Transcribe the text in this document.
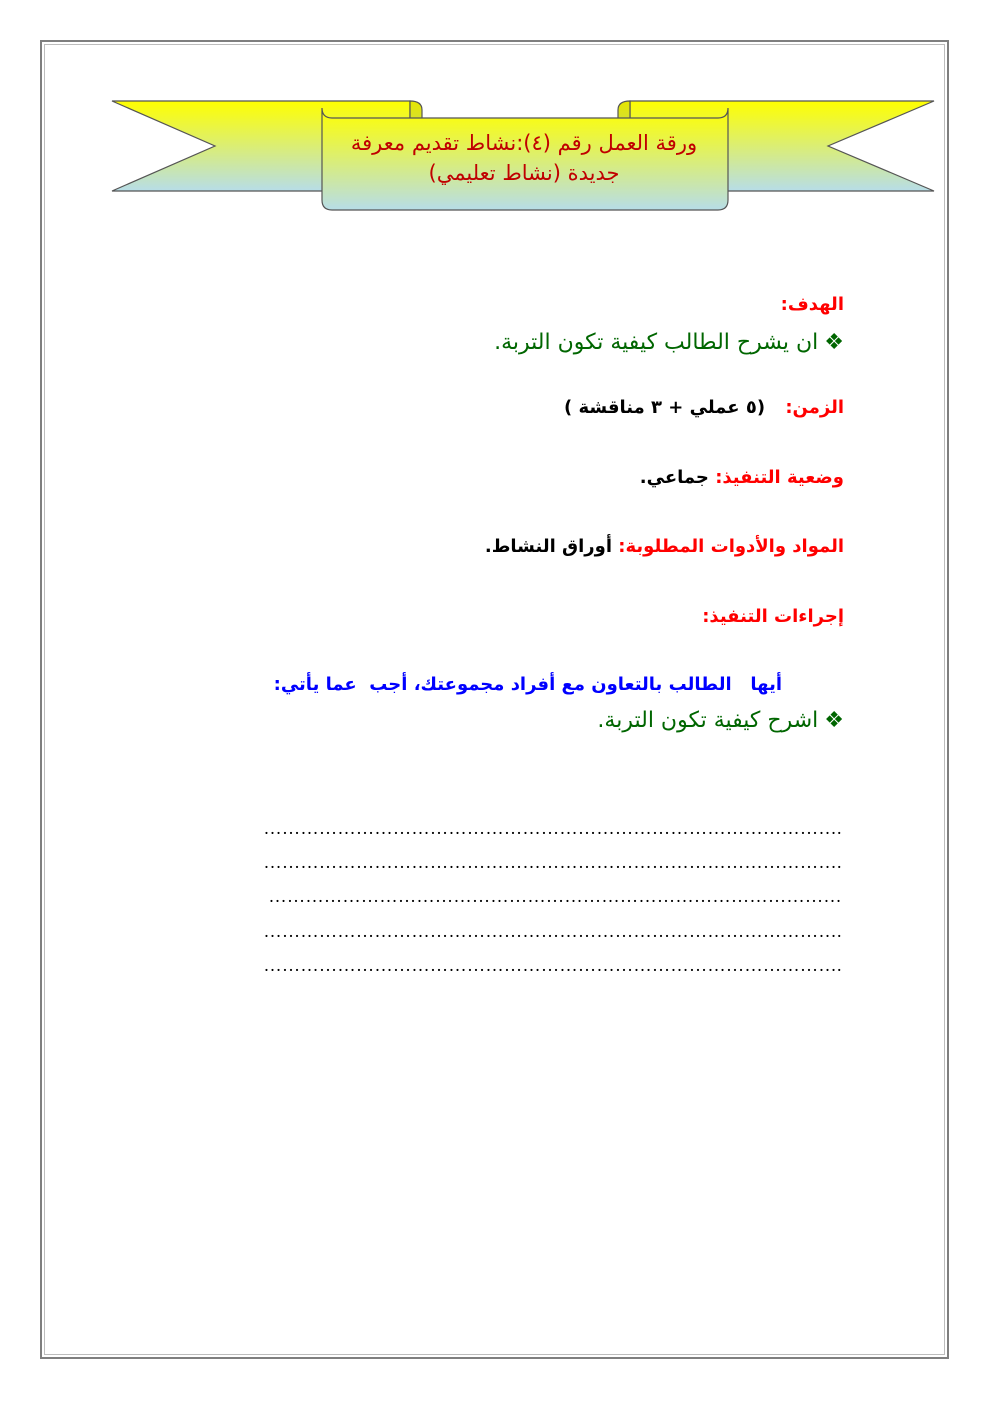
ورقة العمل رقم (٤):نشاط تقديم معرفة
جديدة (نشاط تعليمي)
الهدف:
❖ان يشرح الطالب كيفية تكون التربة.
الزمن: (٥ عملي + ٣ مناقشة )
وضعية التنفيذ: جماعي.
المواد والأدوات المطلوبة: أوراق النشاط.
إجراءات التنفيذ:
أيها   الطالب بالتعاون مع أفراد مجموعتك، أجب  عما يأتي:
❖اشرح كيفية تكون التربة.
………………………………………………………………………………….
………………………………………………………………………………….
…………………………………………………………………………………
………………………………………………………………………………….
………………………………………………………………………………….
